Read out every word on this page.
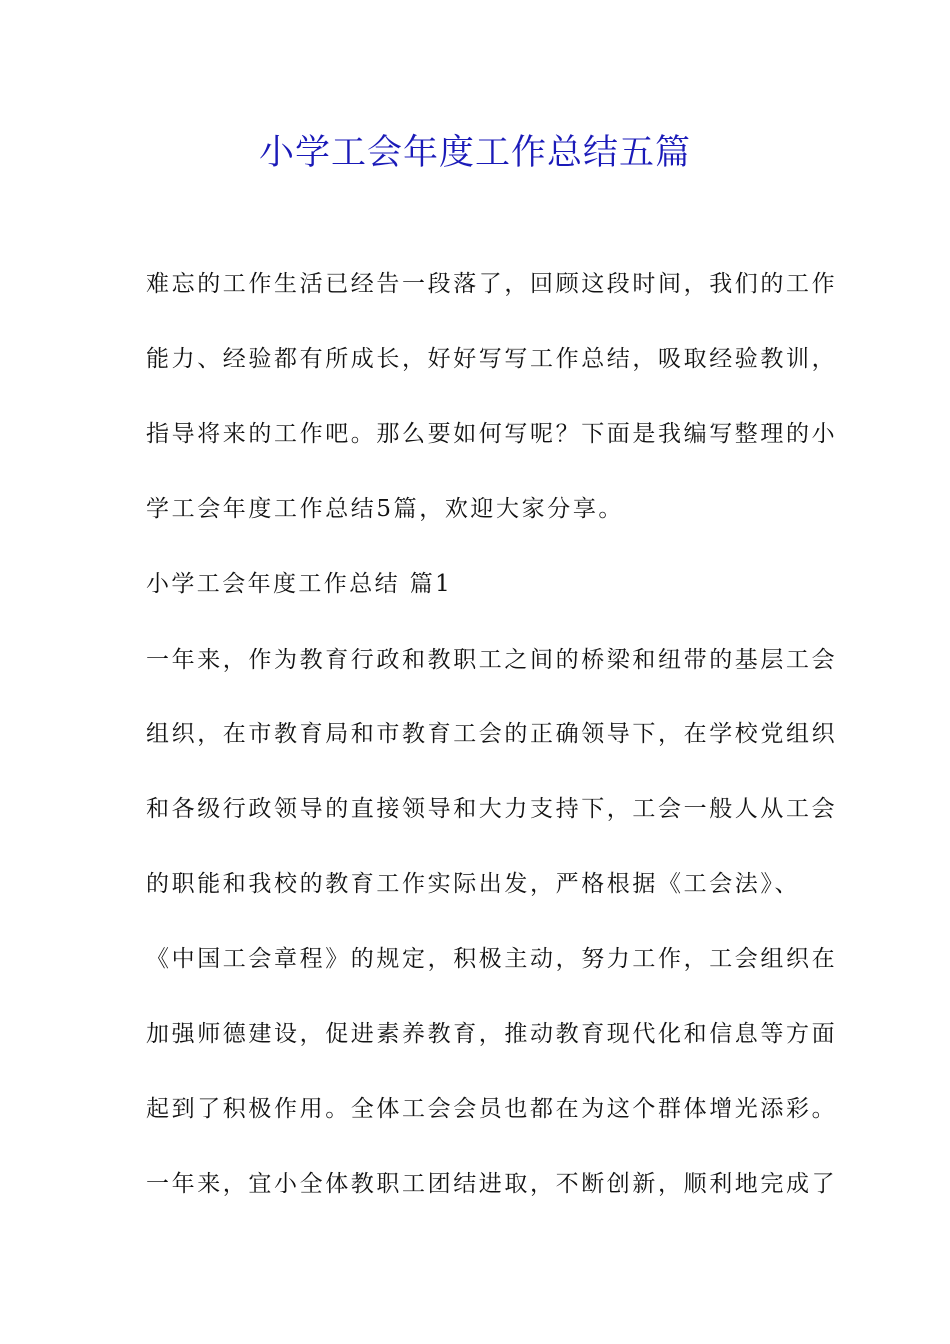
小学工会年度工作总结五篇

难忘的工作生活已经告一段落了，回顾这段时间，我们的工作

能力、经验都有所成长，好好写写工作总结，吸取经验教训，

指导将来的工作吧。那么要如何写呢？下面是我编写整理的小

学工会年度工作总结5篇，欢迎大家分享。

小学工会年度工作总结 篇1

一年来，作为教育行政和教职工之间的桥梁和纽带的基层工会

组织，在市教育局和市教育工会的正确领导下，在学校党组织

和各级行政领导的直接领导和大力支持下，工会一般人从工会

的职能和我校的教育工作实际出发，严格根据《工会法》、

《中国工会章程》的规定，积极主动，努力工作，工会组织在

加强师德建设，促进素养教育，推动教育现代化和信息等方面

起到了积极作用。全体工会会员也都在为这个群体增光添彩。

一年来，宜小全体教职工团结进取，不断创新，顺利地完成了
